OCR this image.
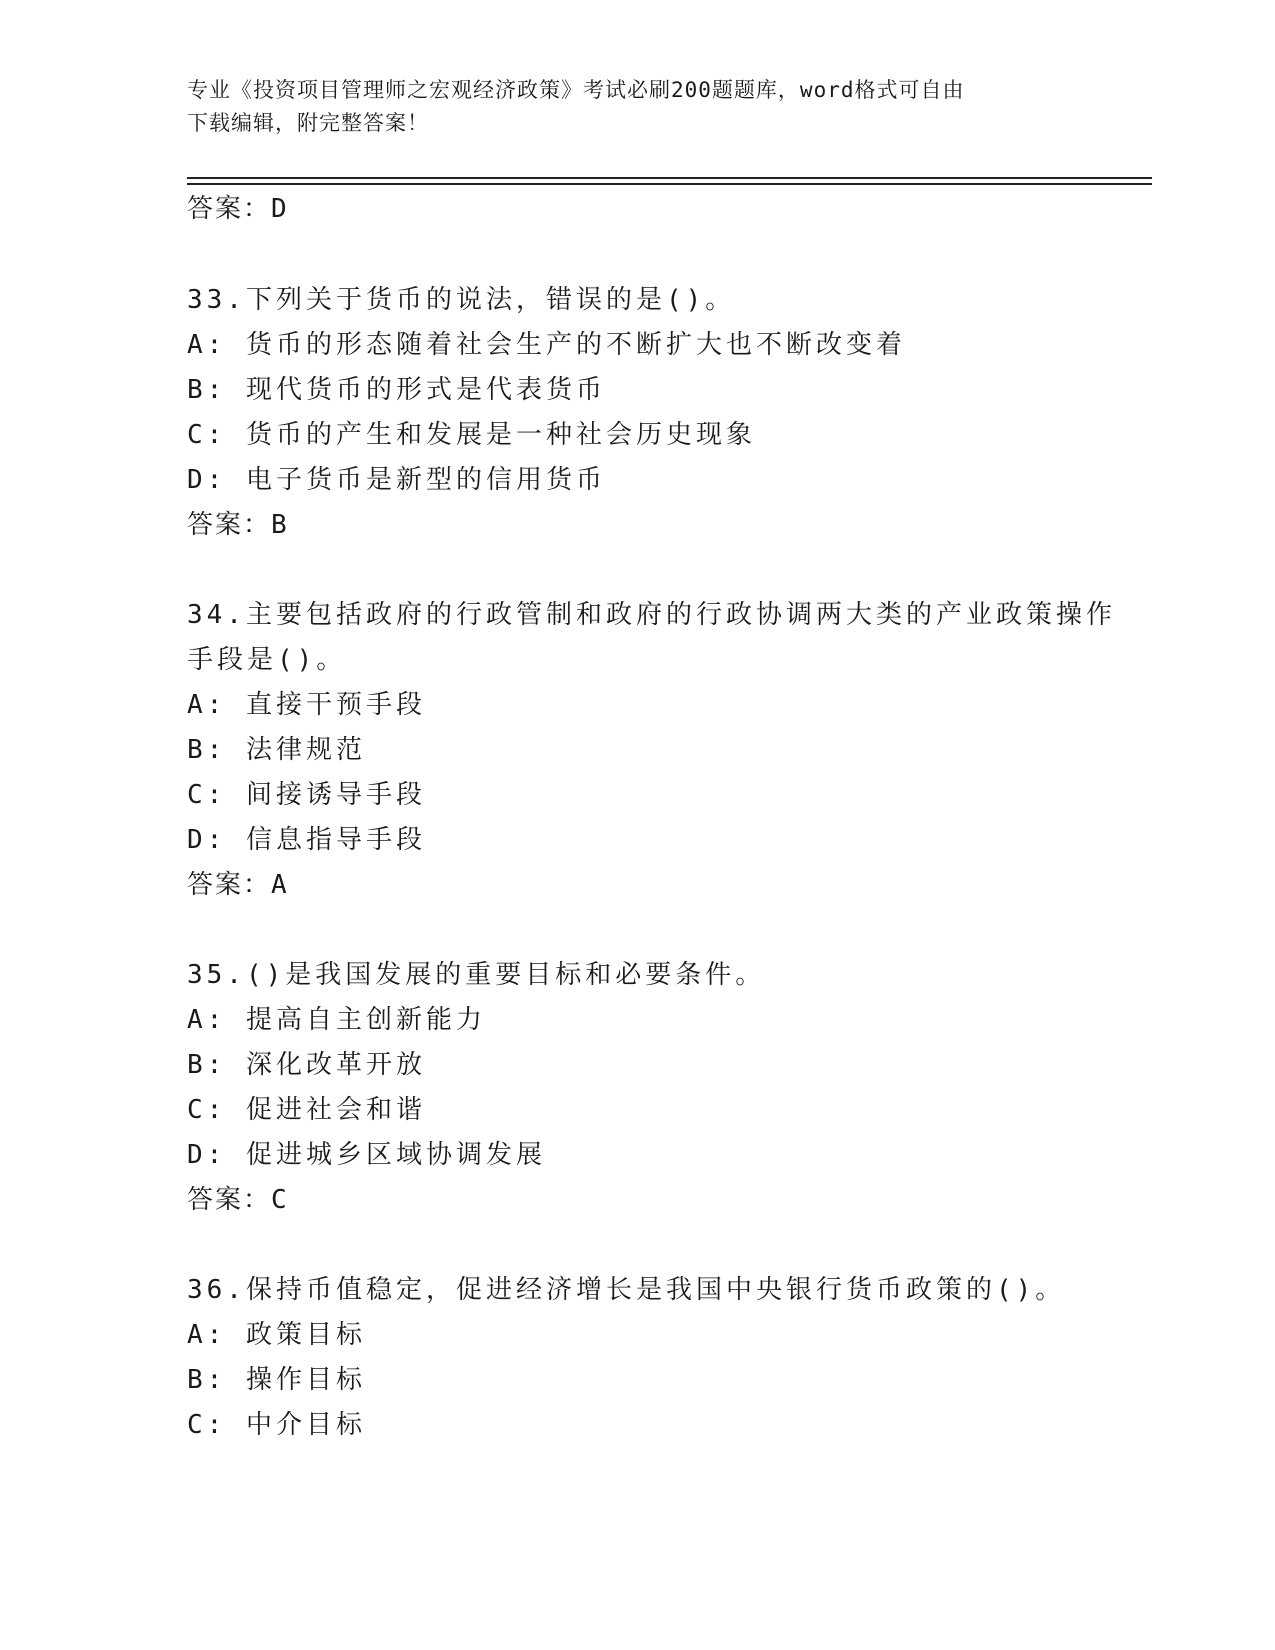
专业《投资项目管理师之宏观经济政策》考试必刷200题题库，word格式可自由
下载编辑，附完整答案！
答案：D
33.下列关于货币的说法，错误的是()。
A: 货币的形态随着社会生产的不断扩大也不断改变着
B: 现代货币的形式是代表货币
C: 货币的产生和发展是一种社会历史现象
D: 电子货币是新型的信用货币
答案：B
34.主要包括政府的行政管制和政府的行政协调两大类的产业政策操作
手段是()。
A: 直接干预手段
B: 法律规范
C: 间接诱导手段
D: 信息指导手段
答案：A
35.()是我国发展的重要目标和必要条件。
A: 提高自主创新能力
B: 深化改革开放
C: 促进社会和谐
D: 促进城乡区域协调发展
答案：C
36.保持币值稳定，促进经济增长是我国中央银行货币政策的()。
A: 政策目标
B: 操作目标
C: 中介目标
